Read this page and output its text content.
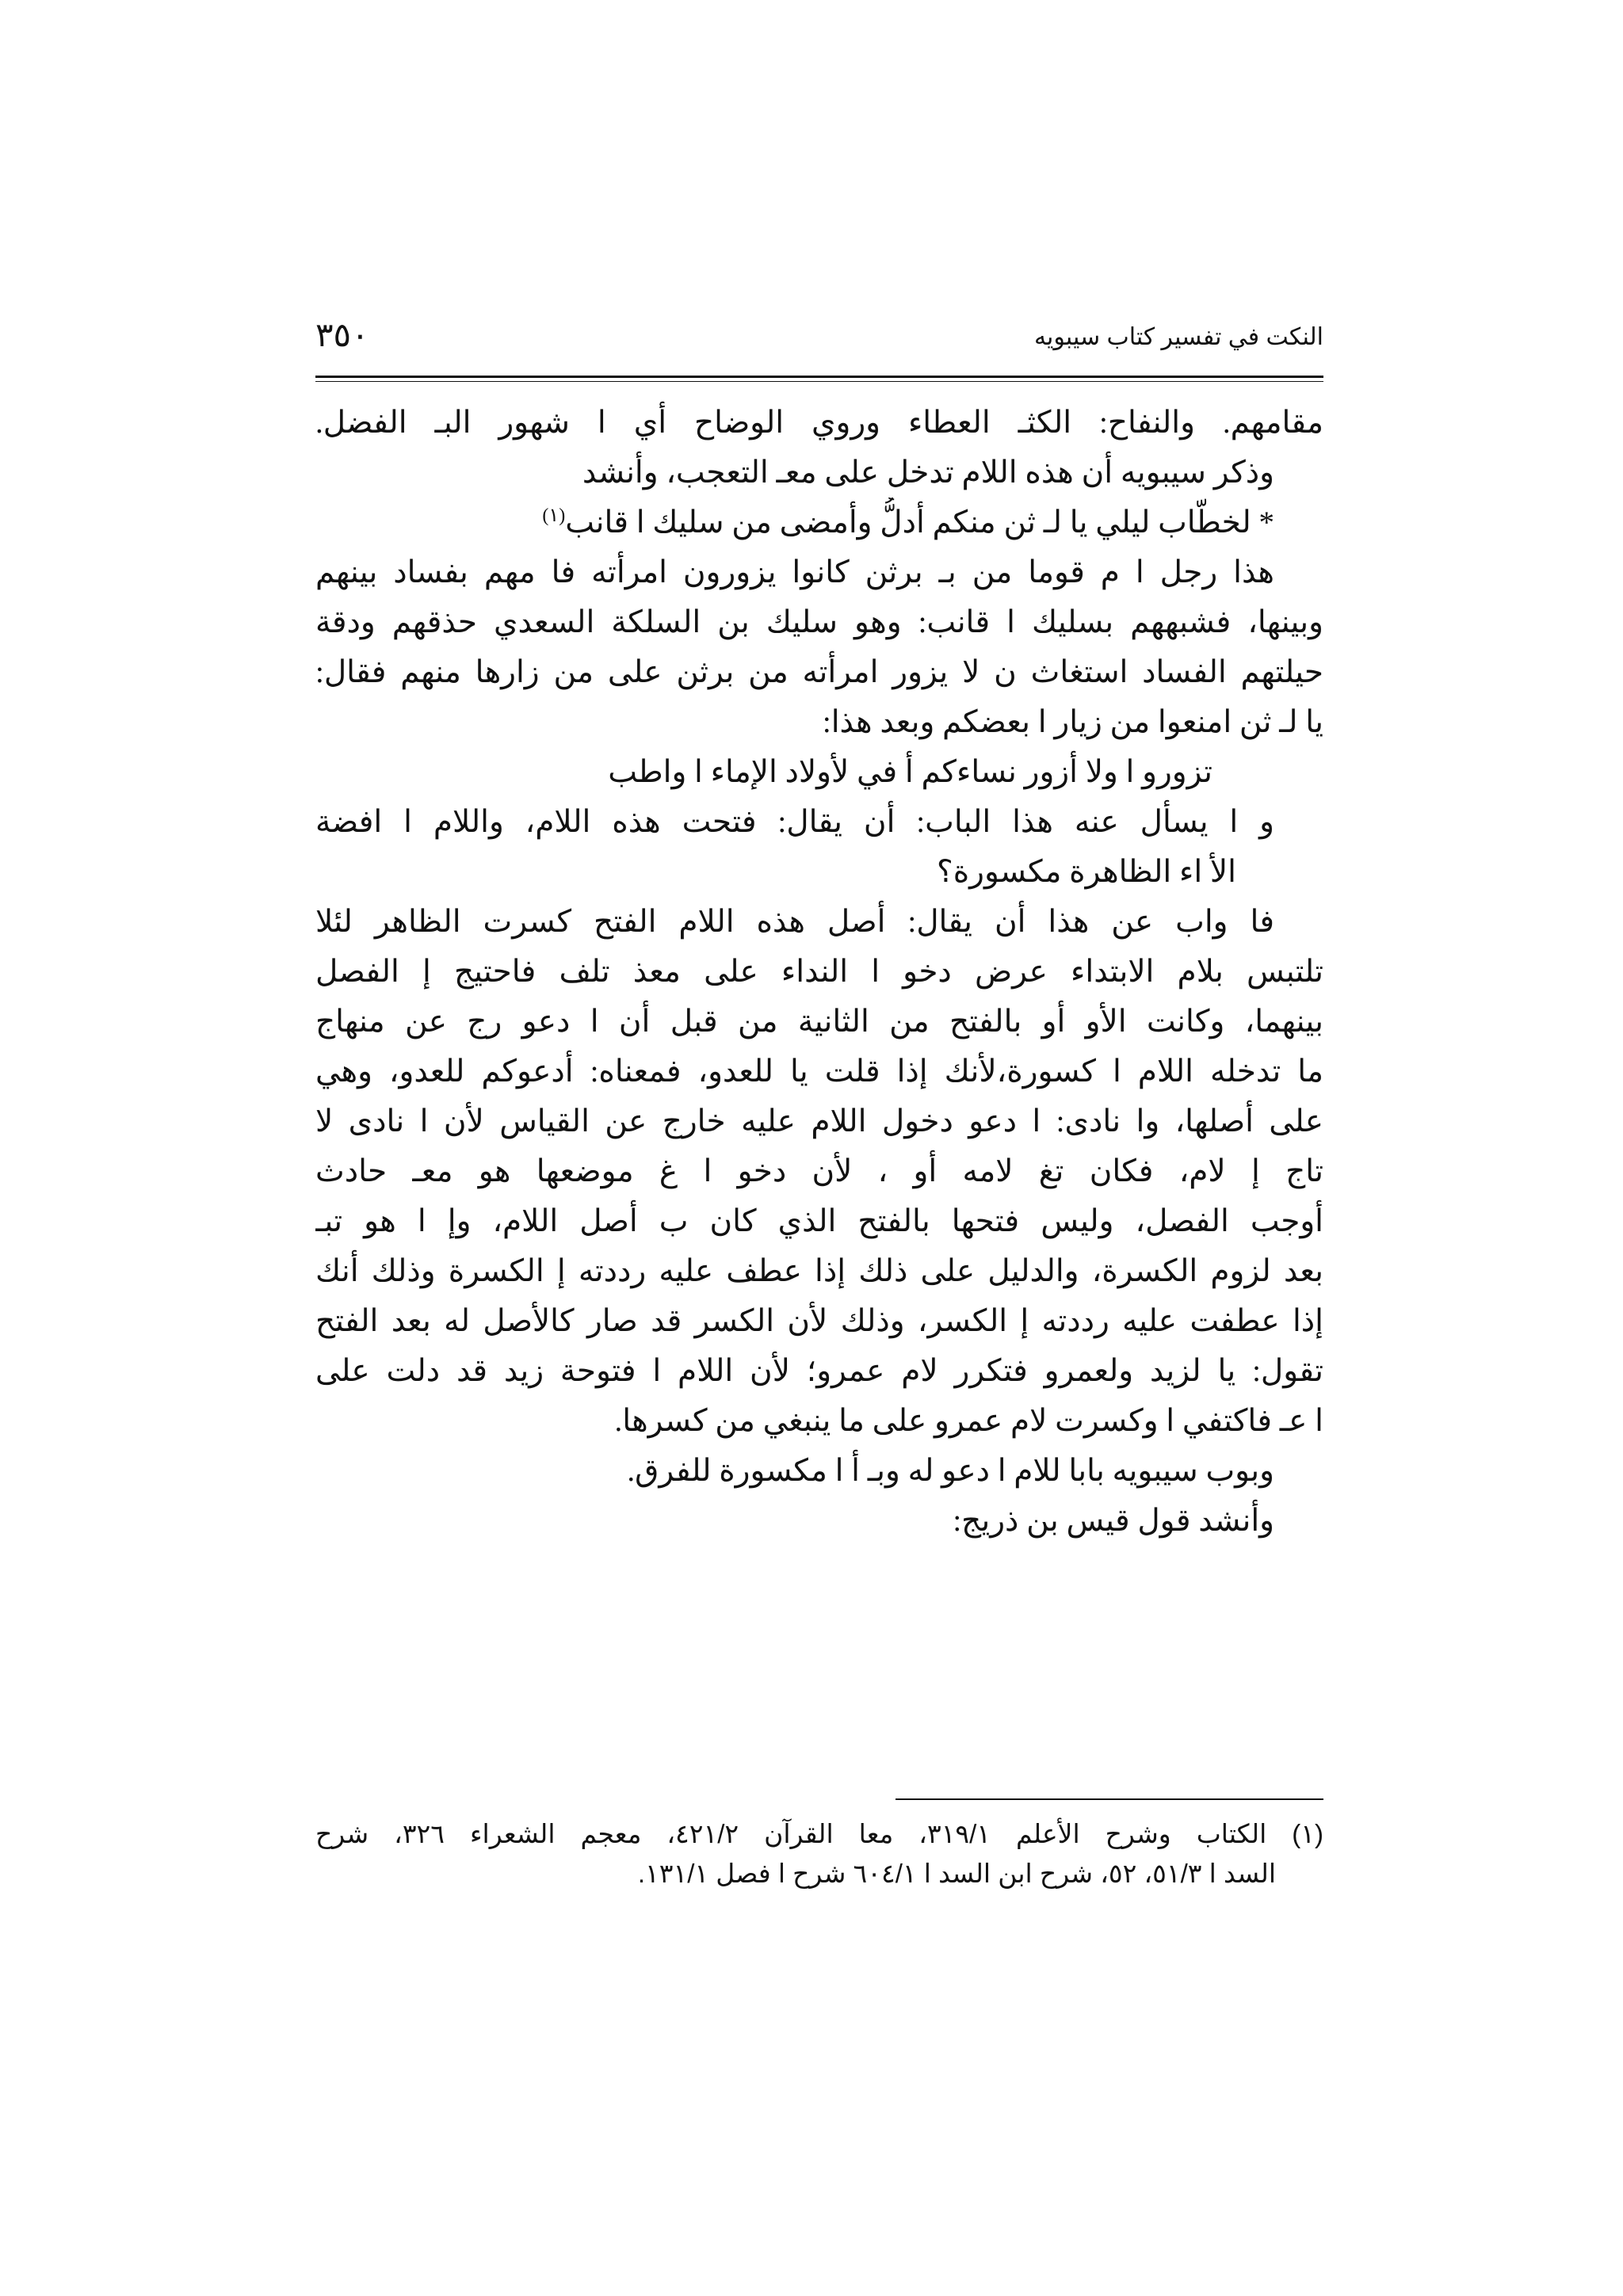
النكت في تفسير كتاب سيبويه
٣٥٠
مقامهم. والنفاح: الكثـ العطاء وروي الوضاح أي ا شهور البـ الفضل.
وذكر سيبويه أن هذه اللام تدخل على معـ التعجب، وأنشد
* لخطّاب ليلي يا لـ ثن منكم أدلُّ وأمضى من سليك ا قانب$^{(١)}$
هذا رجل ا م قوما من بـ برثن كانوا يزورون امرأته فا مهم بفساد بينهم
وبينها، فشبههم بسليك ا قانب: وهو سليك بن السلكة السعدي حذقهم ودقة
حيلتهم الفساد استغاث ن لا يزور امرأته من برثن على من زارها منهم فقال:
يا لـ ثن امنعوا من زيار ا بعضكم وبعد هذا:
تزورو ا ولا أزور نساءكم أ في لأولاد الإماء ا واطب
و ا يسأل عنه هذا الباب: أن يقال: فتحت هذه اللام، واللام ا افضة
الأ اء الظاهرة مكسورة؟
فا واب عن هذا أن يقال: أصل هذه اللام الفتح كسرت الظاهر لئلا
تلتبس بلام الابتداء عرض دخو ا النداء على معذ تلف فاحتيج إ الفصل
بينهما، وكانت الأو أو بالفتح من الثانية من قبل أن ا دعو رج عن منهاج
ما تدخله اللام ا كسورة،لأنك إذا قلت يا للعدو، فمعناه: أدعوكم للعدو، وهي
على أصلها، وا نادى: ا دعو دخول اللام عليه خارج عن القياس لأن ا نادى لا
تاج إ لام، فكان تغ لامه أو ، لأن دخو ا غ موضعها هو معـ حادث
أوجب الفصل، وليس فتحها بالفتح الذي كان ب أصل اللام، وإ ا هو تبـ
بعد لزوم الكسرة، والدليل على ذلك إذا عطف عليه رددته إ الكسرة وذلك أنك
إذا عطفت عليه رددته إ الكسر، وذلك لأن الكسر قد صار كالأصل له بعد الفتح
تقول: يا لزيد ولعمرو فتكرر لام عمرو؛ لأن اللام ا فتوحة زيد قد دلت على
ا عـ فاكتفي ا وكسرت لام عمرو على ما ينبغي من كسرها.
وبوب سيبويه بابا للام ا دعو له وبـ أ ا مكسورة للفرق.
وأنشد قول قيس بن ذريج:
(١) الكتاب وشرح الأعلم ٣١٩/١، معا القرآن ٤٢١/٢، معجم الشعراء ٣٢٦، شرح
السد ا ٥١/٣، ٥٢، شرح ابن السد ا ٦٠٤/١ شرح ا فصل ١٣١/١.
